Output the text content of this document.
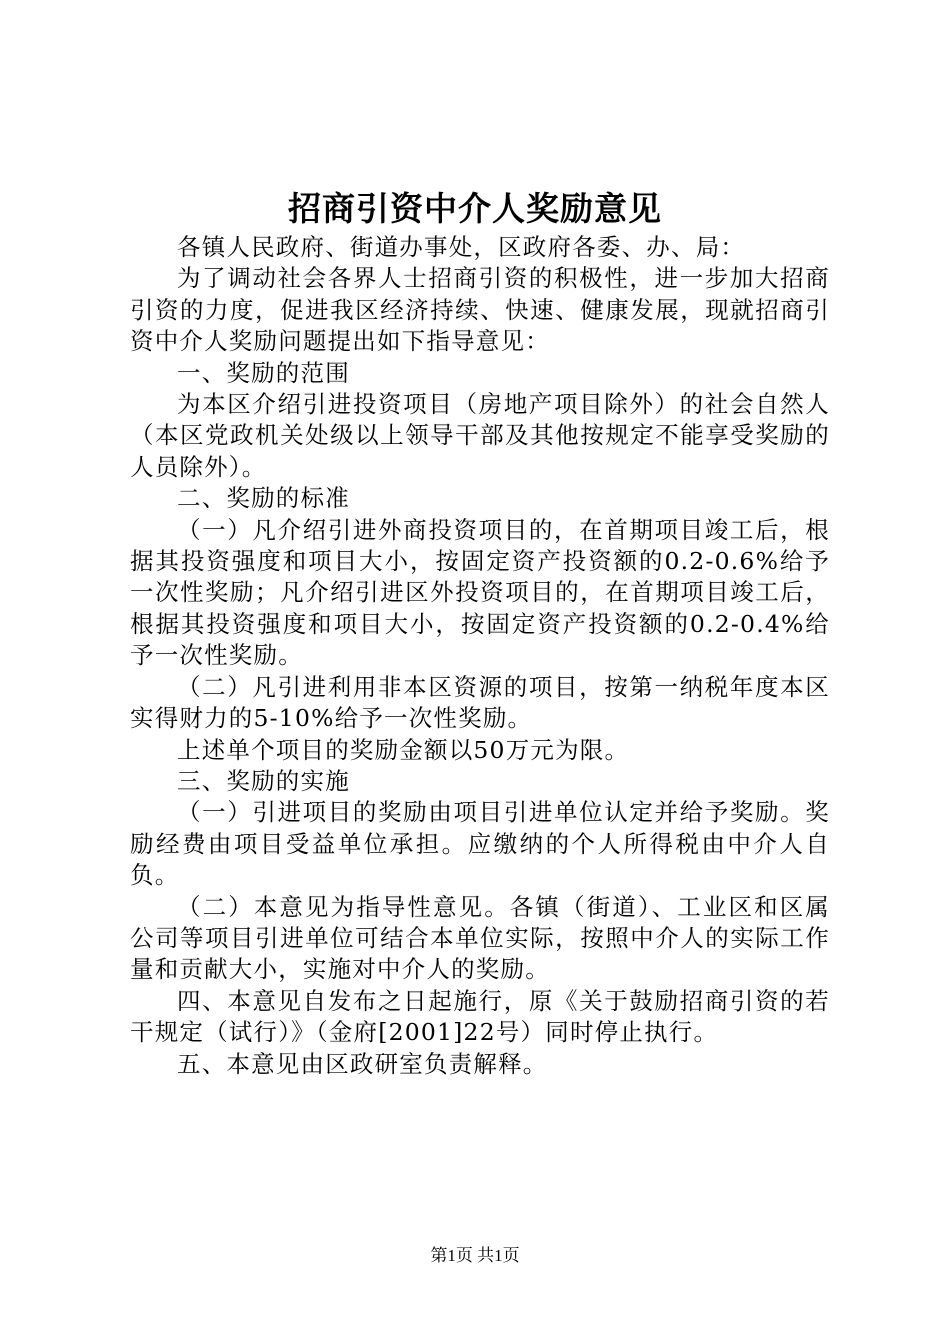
招商引资中介人奖励意见

各镇人民政府、街道办事处，区政府各委、办、局：

为了调动社会各界人士招商引资的积极性，进一步加大招商引资的力度，促进我区经济持续、快速、健康发展，现就招商引资中介人奖励问题提出如下指导意见：

一、奖励的范围

为本区介绍引进投资项目（房地产项目除外）的社会自然人（本区党政机关处级以上领导干部及其他按规定不能享受奖励的人员除外）。

二、奖励的标准

（一）凡介绍引进外商投资项目的，在首期项目竣工后，根据其投资强度和项目大小，按固定资产投资额的0.2-0.6%给予一次性奖励；凡介绍引进区外投资项目的，在首期项目竣工后，根据其投资强度和项目大小，按固定资产投资额的0.2-0.4%给予一次性奖励。

（二）凡引进利用非本区资源的项目，按第一纳税年度本区实得财力的5-10%给予一次性奖励。

上述单个项目的奖励金额以50万元为限。

三、奖励的实施

（一）引进项目的奖励由项目引进单位认定并给予奖励。奖励经费由项目受益单位承担。应缴纳的个人所得税由中介人自负。

（二）本意见为指导性意见。各镇（街道）、工业区和区属公司等项目引进单位可结合本单位实际，按照中介人的实际工作量和贡献大小，实施对中介人的奖励。

四、本意见自发布之日起施行，原《关于鼓励招商引资的若干规定（试行）》（金府[2001]22号）同时停止执行。

五、本意见由区政研室负责解释。

第1页 共1页
